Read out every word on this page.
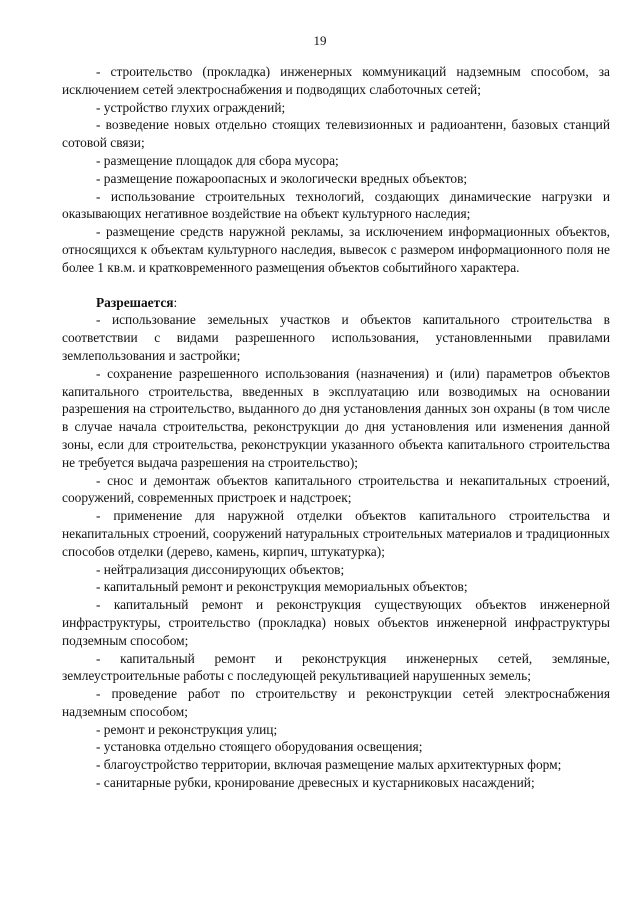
19

- строительство (прокладка) инженерных коммуникаций надземным способом, за исключением сетей электроснабжения и подводящих слаботочных сетей;

- устройство глухих ограждений;

- возведение новых отдельно стоящих телевизионных и радиоантенн, базовых станций сотовой связи;

- размещение площадок для сбора мусора;

- размещение пожароопасных и экологически вредных объектов;

- использование строительных технологий, создающих динамические нагрузки и оказывающих негативное воздействие на объект культурного наследия;

- размещение средств наружной рекламы, за исключением информационных объектов, относящихся к объектам культурного наследия, вывесок с размером информационного поля не более 1 кв.м. и кратковременного размещения объектов событийного характера.

Разрешается:

- использование земельных участков и объектов капитального строительства в соответствии с видами разрешенного использования, установленными правилами землепользования и застройки;

- сохранение разрешенного использования (назначения) и (или) параметров объектов капитального строительства, введенных в эксплуатацию или возводимых на основании разрешения на строительство, выданного до дня установления данных зон охраны (в том числе в случае начала строительства, реконструкции до дня установления или изменения данной зоны, если для строительства, реконструкции указанного объекта капитального строительства не требуется выдача разрешения на строительство);

- снос и демонтаж объектов капитального строительства и некапитальных строений, сооружений, современных пристроек и надстроек;

- применение для наружной отделки объектов капитального строительства и некапитальных строений, сооружений натуральных строительных материалов и традиционных способов отделки (дерево, камень, кирпич, штукатурка);

- нейтрализация диссонирующих объектов;

- капитальный ремонт и реконструкция мемориальных объектов;

- капитальный ремонт и реконструкция существующих объектов инженерной инфраструктуры, строительство (прокладка) новых объектов инженерной инфраструктуры подземным способом;

- капитальный ремонт и реконструкция инженерных сетей, земляные, землеустроительные работы с последующей рекультивацией нарушенных земель;

- проведение работ по строительству и реконструкции сетей электроснабжения надземным способом;

- ремонт и реконструкция улиц;

- установка отдельно стоящего оборудования освещения;

- благоустройство территории, включая размещение малых архитектурных форм;

- санитарные рубки, кронирование древесных и кустарниковых насаждений;
